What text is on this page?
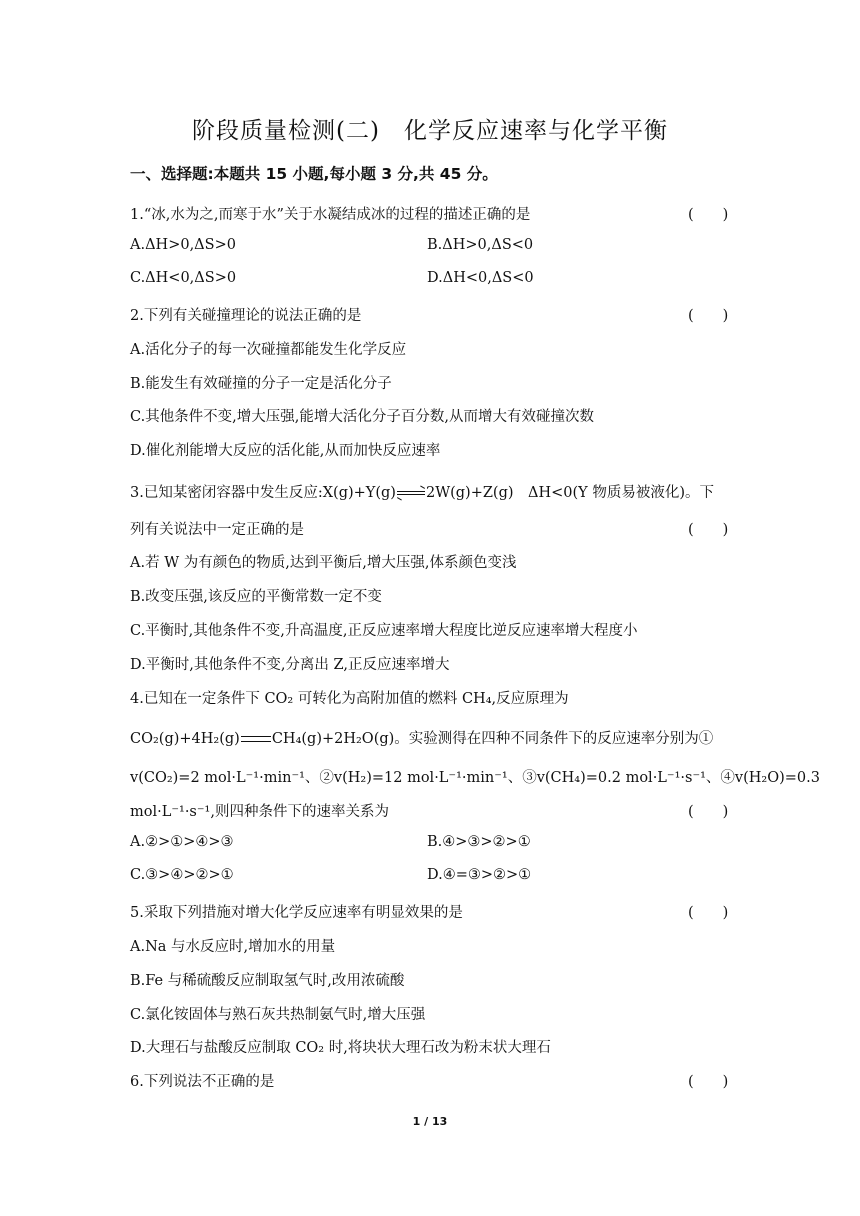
阶段质量检测(二)　化学反应速率与化学平衡
一、选择题:本题共 15 小题,每小题 3 分,共 45 分。
1.“冰,水为之,而寒于水”关于水凝结成冰的过程的描述正确的是	(　　)
A.ΔH>0,ΔS>0	B.ΔH>0,ΔS<0
C.ΔH<0,ΔS>0	D.ΔH<0,ΔS<0
2.下列有关碰撞理论的说法正确的是	(　　)
A.活化分子的每一次碰撞都能发生化学反应
B.能发生有效碰撞的分子一定是活化分子
C.其他条件不变,增大压强,能增大活化分子百分数,从而增大有效碰撞次数
D.催化剂能增大反应的活化能,从而加快反应速率
3.已知某密闭容器中发生反应:X(g)+Y(g)→2W(g)+Z(g)　ΔH<0(Y 物质易被液化)。下
列有关说法中一定正确的是	(　　)
A.若 W 为有颜色的物质,达到平衡后,增大压强,体系颜色变浅
B.改变压强,该反应的平衡常数一定不变
C.平衡时,其他条件不变,升高温度,正反应速率增大程度比逆反应速率增大程度小
D.平衡时,其他条件不变,分离出 Z,正反应速率增大
4.已知在一定条件下 CO₂ 可转化为高附加值的燃料 CH₄,反应原理为
CO₂(g)+4H₂(g) CH₄(g)+2H₂O(g)。实验测得在四种不同条件下的反应速率分别为①
v(CO₂)=2 mol·L⁻¹·min⁻¹、②v(H₂)=12 mol·L⁻¹·min⁻¹、③v(CH₄)=0.2 mol·L⁻¹·s⁻¹、④v(H₂O)=0.3
mol·L⁻¹·s⁻¹,则四种条件下的速率关系为	(　　)
A.②>①>④>③	B.④>③>②>①
C.③>④>②>①	D.④=③>②>①
5.采取下列措施对增大化学反应速率有明显效果的是	(　　)
A.Na 与水反应时,增加水的用量
B.Fe 与稀硫酸反应制取氢气时,改用浓硫酸
C.氯化铵固体与熟石灰共热制氨气时,增大压强
D.大理石与盐酸反应制取 CO₂ 时,将块状大理石改为粉末状大理石
6.下列说法不正确的是	(　　)
1 / 13
